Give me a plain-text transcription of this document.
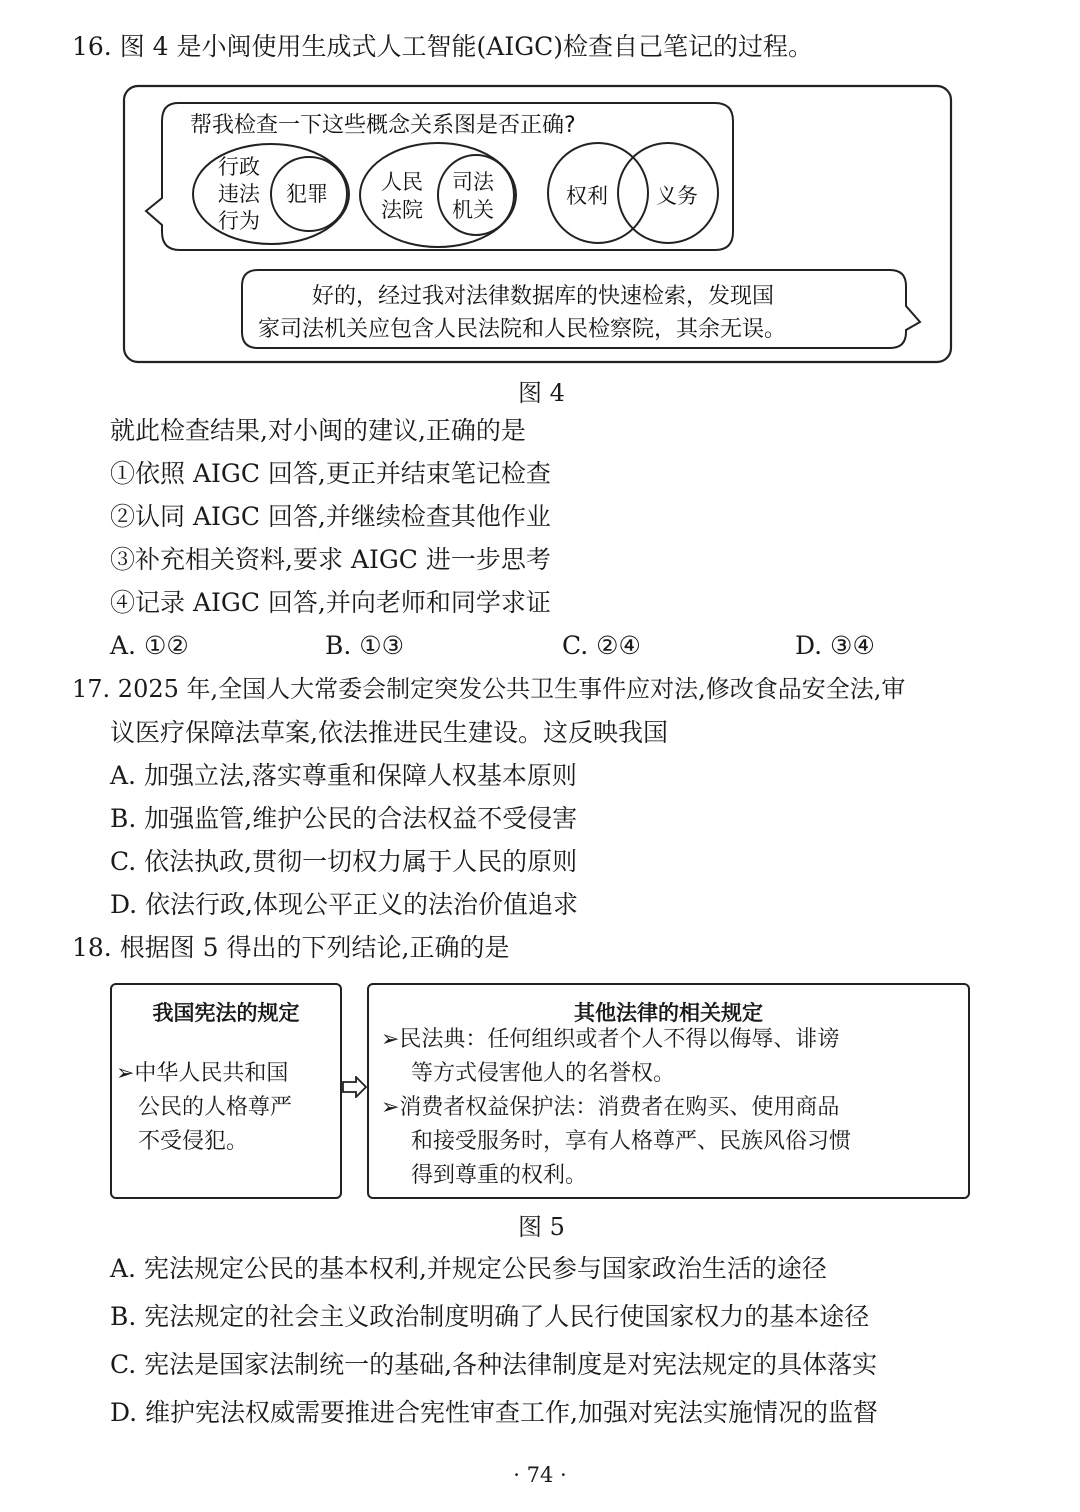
16. 图 4 是小闽使用生成式人工智能(AIGC)检查自己笔记的过程。
帮我检查一下这些概念关系图是否正确?
行政
违法
行为
犯罪	人民
法院
司法
机关
权利 义务
好的，经过我对法律数据库的快速检索，发现国
家司法机关应包含人民法院和人民检察院，其余无误。
图 4
就此检查结果,对小闽的建议,正确的是
①依照 AIGC 回答,更正并结束笔记检查
②认同 AIGC 回答,并继续检查其他作业
③补充相关资料,要求 AIGC 进一步思考
④记录 AIGC 回答,并向老师和同学求证
A. ①②	B. ①③	C. ②④	D. ③④
17. 2025 年,全国人大常委会制定突发公共卫生事件应对法,修改食品安全法,审
议医疗保障法草案,依法推进民生建设。这反映我国
A. 加强立法,落实尊重和保障人权基本原则
B. 加强监管,维护公民的合法权益不受侵害
C. 依法执政,贯彻一切权力属于人民的原则
D. 依法行政,体现公平正义的法治价值追求
18. 根据图 5 得出的下列结论,正确的是
我国宪法的规定
➢中华人民共和国
公民的人格尊严
不受侵犯。
其他法律的相关规定
➢民法典：任何组织或者个人不得以侮辱、诽谤
等方式侵害他人的名誉权。
➢消费者权益保护法：消费者在购买、使用商品
和接受服务时，享有人格尊严、民族风俗习惯
得到尊重的权利。
图 5
A. 宪法规定公民的基本权利,并规定公民参与国家政治生活的途径
B. 宪法规定的社会主义政治制度明确了人民行使国家权力的基本途径
C. 宪法是国家法制统一的基础,各种法律制度是对宪法规定的具体落实
D. 维护宪法权威需要推进合宪性审查工作,加强对宪法实施情况的监督
· 74 ·
